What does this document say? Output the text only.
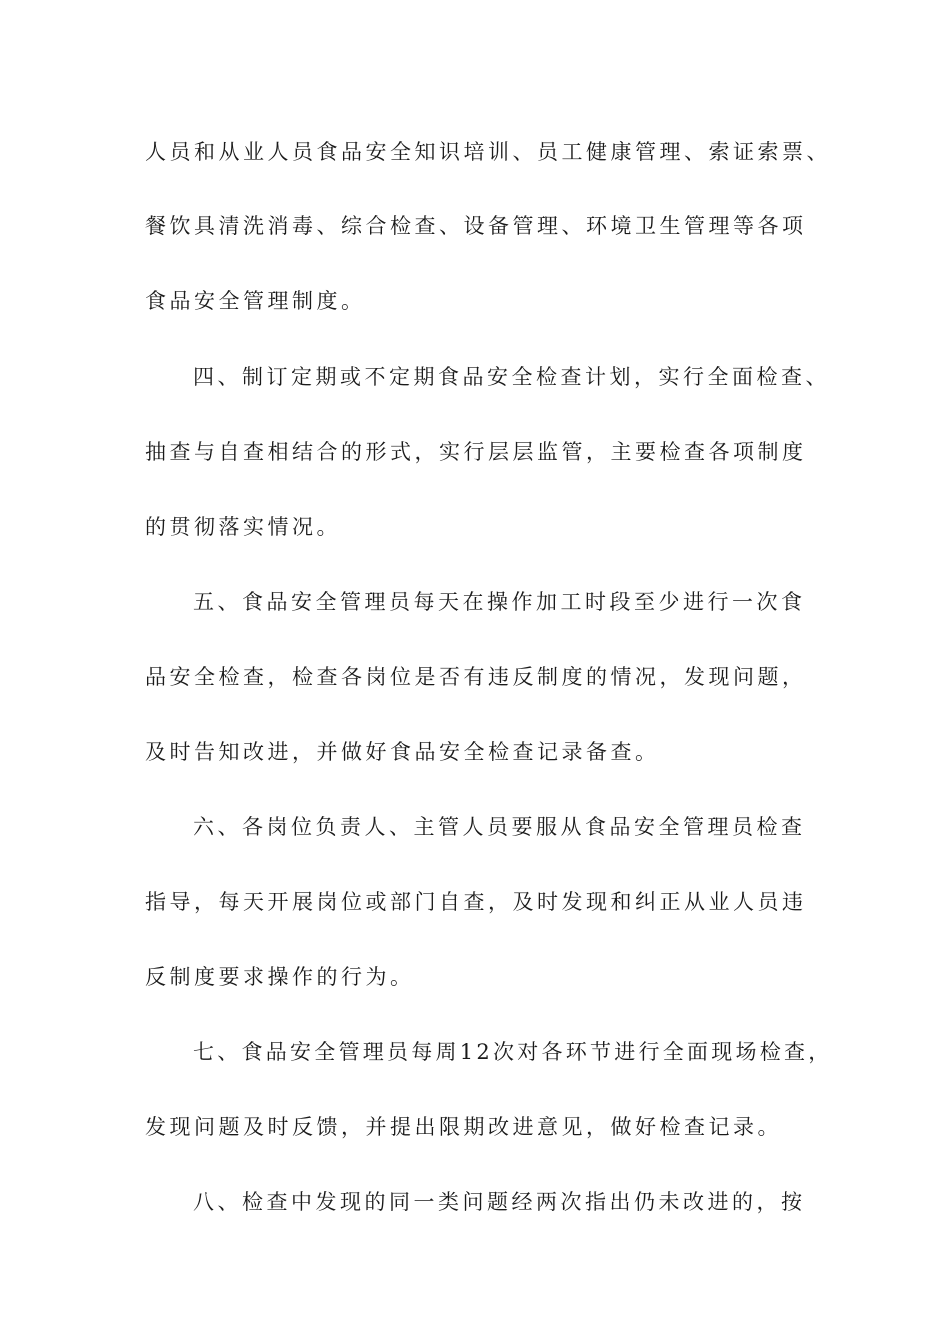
人员和从业人员食品安全知识培训、员工健康管理、索证索票、
餐饮具清洗消毒、综合检查、设备管理、环境卫生管理等各项
食品安全管理制度。
四、制订定期或不定期食品安全检查计划，实行全面检查、
抽查与自查相结合的形式，实行层层监管，主要检查各项制度
的贯彻落实情况。
五、食品安全管理员每天在操作加工时段至少进行一次食
品安全检查，检查各岗位是否有违反制度的情况，发现问题，
及时告知改进，并做好食品安全检查记录备查。
六、各岗位负责人、主管人员要服从食品安全管理员检查
指导，每天开展岗位或部门自查，及时发现和纠正从业人员违
反制度要求操作的行为。
七、食品安全管理员每周12次对各环节进行全面现场检查，
发现问题及时反馈，并提出限期改进意见，做好检查记录。
八、检查中发现的同一类问题经两次指出仍未改进的，按
